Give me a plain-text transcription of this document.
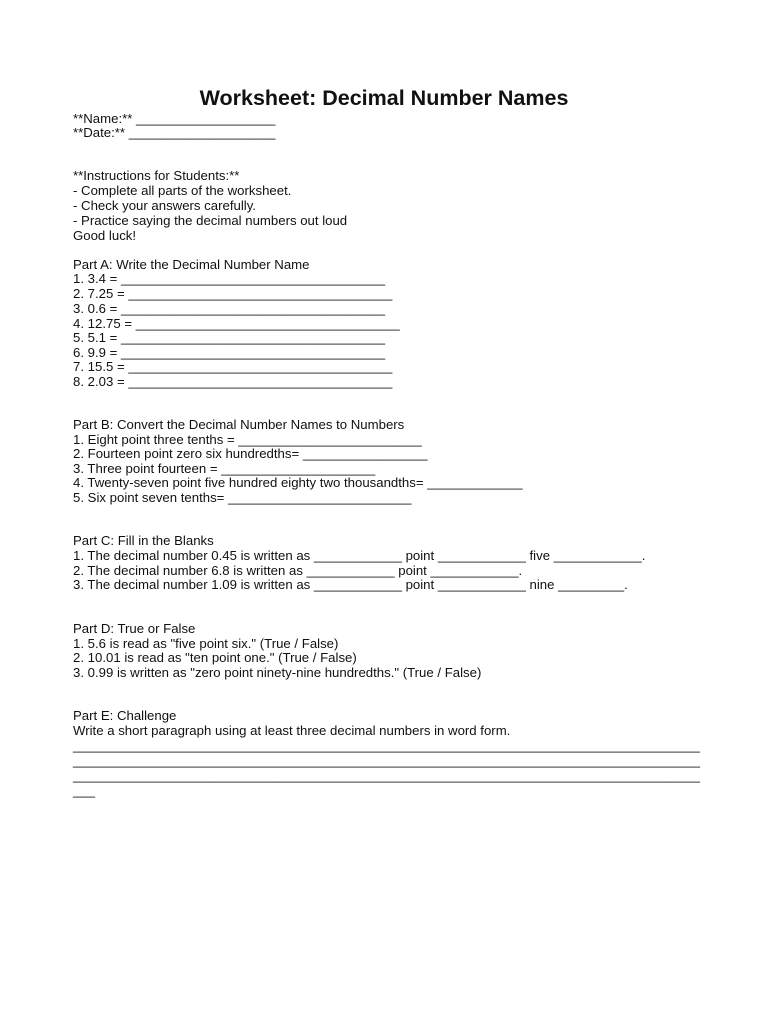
Worksheet: Decimal Number Names
**Name:** ___________________
**Date:** ____________________
**Instructions for Students:**
- Complete all parts of the worksheet.
- Check your answers carefully.
- Practice saying the decimal numbers out loud
Good luck!
Part A: Write the Decimal Number Name
1. 3.4 = ____________________________________
2. 7.25 = ____________________________________
3. 0.6 = ____________________________________
4. 12.75 = ____________________________________
5. 5.1 = ____________________________________
6. 9.9 = ____________________________________
7. 15.5 = ____________________________________
8. 2.03 = ____________________________________
Part B: Convert the Decimal Number Names to Numbers
1. Eight point three tenths = _________________________
2. Fourteen point zero six hundredths= _________________
3. Three point fourteen = _____________________
4. Twenty-seven point five hundred eighty two thousandths= _____________
5. Six point seven tenths= _________________________
Part C: Fill in the Blanks
1. The decimal number 0.45 is written as ____________ point ____________ five ____________.
2. The decimal number 6.8 is written as ____________ point ____________.
3. The decimal number 1.09 is written as ____________ point ____________ nine _________.
Part D: True or False
1. 5.6 is read as "five point six." (True / False)
2. 10.01 is read as "ten point one." (True / False)
3. 0.99 is written as "zero point ninety-nine hundredths." (True / False)
Part E: Challenge
Write a short paragraph using at least three decimal numbers in word form.
________________________________________________________________________________________
________________________________________________________________________________________
________________________________________________________________________________________
___
